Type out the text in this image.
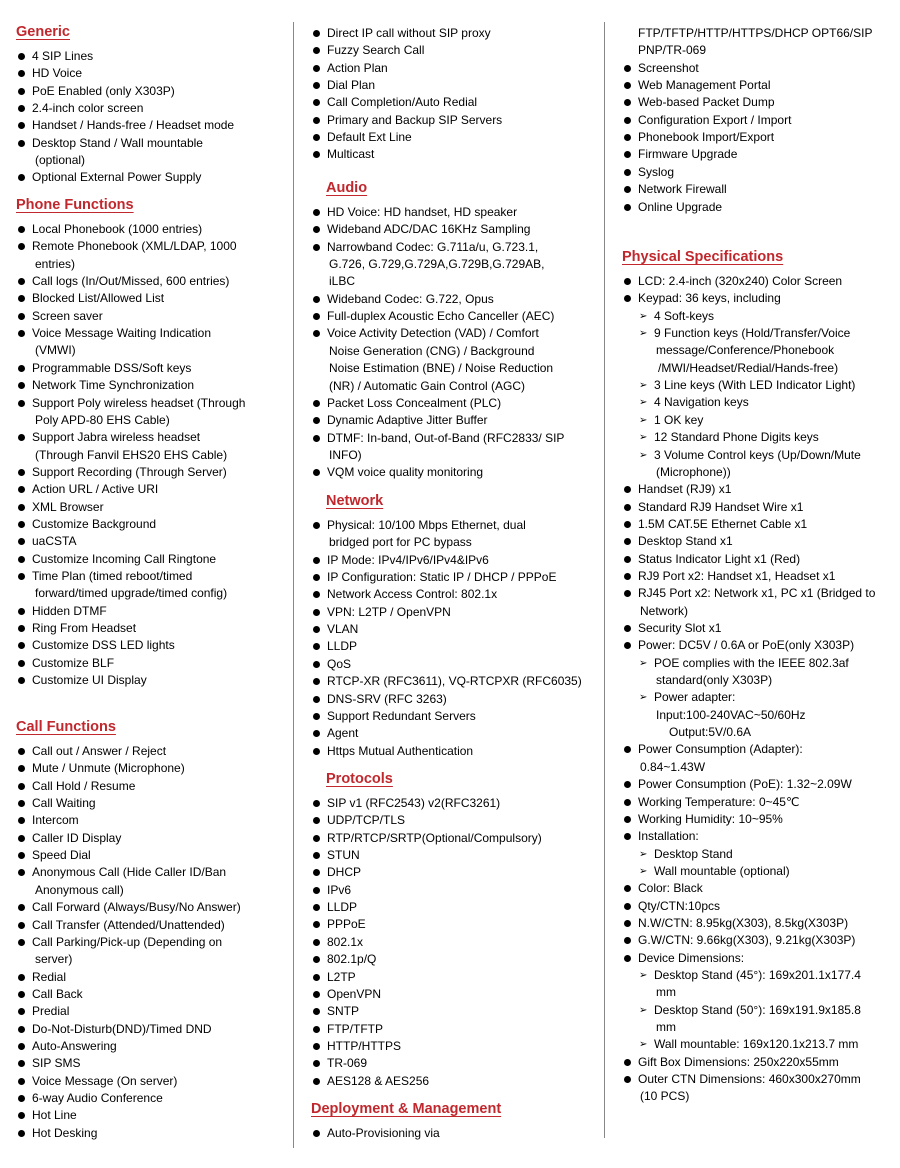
Generic
4 SIP Lines
HD Voice
PoE Enabled (only X303P)
2.4-inch color screen
Handset / Hands-free / Headset mode
Desktop Stand / Wall mountable
(optional)
Optional External Power Supply
Phone Functions
Local Phonebook (1000 entries)
Remote Phonebook (XML/LDAP, 1000
entries)
Call logs (In/Out/Missed, 600 entries)
Blocked List/Allowed List
Screen saver
Voice Message Waiting Indication
(VMWI)
Programmable DSS/Soft keys
Network Time Synchronization
Support Poly wireless headset (Through
Poly APD-80 EHS Cable)
Support Jabra wireless headset
(Through Fanvil EHS20 EHS Cable)
Support Recording (Through Server)
Action URL / Active URI
XML Browser
Customize Background
uaCSTA
Customize Incoming Call Ringtone
Time Plan (timed reboot/timed
forward/timed upgrade/timed config)
Hidden DTMF
Ring From Headset
Customize DSS LED lights
Customize BLF
Customize UI Display
Call Functions
Call out / Answer / Reject
Mute / Unmute (Microphone)
Call Hold / Resume
Call Waiting
Intercom
Caller ID Display
Speed Dial
Anonymous Call (Hide Caller ID/Ban
Anonymous call)
Call Forward (Always/Busy/No Answer)
Call Transfer (Attended/Unattended)
Call Parking/Pick-up (Depending on
server)
Redial
Call Back
Predial
Do-Not-Disturb(DND)/Timed DND
Auto-Answering
SIP SMS
Voice Message (On server)
6-way Audio Conference
Hot Line
Hot Desking
Direct IP call without SIP proxy
Fuzzy Search Call
Action Plan
Dial Plan
Call Completion/Auto Redial
Primary and Backup SIP Servers
Default Ext Line
Multicast
Audio
HD Voice: HD handset, HD speaker
Wideband ADC/DAC 16KHz Sampling
Narrowband Codec: G.711a/u, G.723.1,
G.726, G.729,G.729A,G.729B,G.729AB,
iLBC
Wideband Codec: G.722, Opus
Full-duplex Acoustic Echo Canceller (AEC)
Voice Activity Detection (VAD) / Comfort
Noise Generation (CNG) / Background
Noise Estimation (BNE) / Noise Reduction
(NR) / Automatic Gain Control (AGC)
Packet Loss Concealment (PLC)
Dynamic Adaptive Jitter Buffer
DTMF: In-band, Out-of-Band (RFC2833/ SIP
INFO)
VQM voice quality monitoring
Network
Physical: 10/100 Mbps Ethernet, dual
bridged port for PC bypass
IP Mode: IPv4/IPv6/IPv4&IPv6
IP Configuration: Static IP / DHCP / PPPoE
Network Access Control: 802.1x
VPN: L2TP / OpenVPN
VLAN
LLDP
QoS
RTCP-XR (RFC3611), VQ-RTCPXR (RFC6035)
DNS-SRV (RFC 3263)
Support Redundant Servers
Agent
Https Mutual Authentication
Protocols
SIP v1 (RFC2543) v2(RFC3261)
UDP/TCP/TLS
RTP/RTCP/SRTP(Optional/Compulsory)
STUN
DHCP
IPv6
LLDP
PPPoE
802.1x
802.1p/Q
L2TP
OpenVPN
SNTP
FTP/TFTP
HTTP/HTTPS
TR-069
AES128 & AES256
Deployment & Management
Auto-Provisioning via
FTP/TFTP/HTTP/HTTPS/DHCP OPT66/SIP
PNP/TR-069
Screenshot
Web Management Portal
Web-based Packet Dump
Configuration Export / Import
Phonebook Import/Export
Firmware Upgrade
Syslog
Network Firewall
Online Upgrade
Physical Specifications
LCD: 2.4-inch (320x240) Color Screen
Keypad: 36 keys, including
➢ 4 Soft-keys
➢ 9 Function keys (Hold/Transfer/Voice
message/Conference/Phonebook
/MWI/Headset/Redial/Hands-free)
➢ 3 Line keys (With LED Indicator Light)
➢ 4 Navigation keys
➢ 1 OK key
➢ 12 Standard Phone Digits keys
➢ 3 Volume Control keys (Up/Down/Mute
(Microphone))
Handset (RJ9) x1
Standard RJ9 Handset Wire x1
1.5M CAT.5E Ethernet Cable x1
Desktop Stand x1
Status Indicator Light x1 (Red)
RJ9 Port x2: Handset x1, Headset x1
RJ45 Port x2: Network x1, PC x1 (Bridged to
Network)
Security Slot x1
Power: DC5V / 0.6A or PoE(only X303P)
➢ POE complies with the IEEE 802.3af
standard(only X303P)
➢ Power adapter:
Input:100-240VAC~50/60Hz
Output:5V/0.6A
Power Consumption (Adapter):
0.84~1.43W
Power Consumption (PoE): 1.32~2.09W
Working Temperature: 0~45℃
Working Humidity: 10~95%
Installation:
➢ Desktop Stand
➢ Wall mountable (optional)
Color: Black
Qty/CTN:10pcs
N.W/CTN: 8.95kg(X303), 8.5kg(X303P)
G.W/CTN: 9.66kg(X303), 9.21kg(X303P)
Device Dimensions:
➢ Desktop Stand (45°): 169x201.1x177.4
mm
➢ Desktop Stand (50°): 169x191.9x185.8
mm
➢ Wall mountable: 169x120.1x213.7 mm
Gift Box Dimensions: 250x220x55mm
Outer CTN Dimensions: 460x300x270mm
(10 PCS)
